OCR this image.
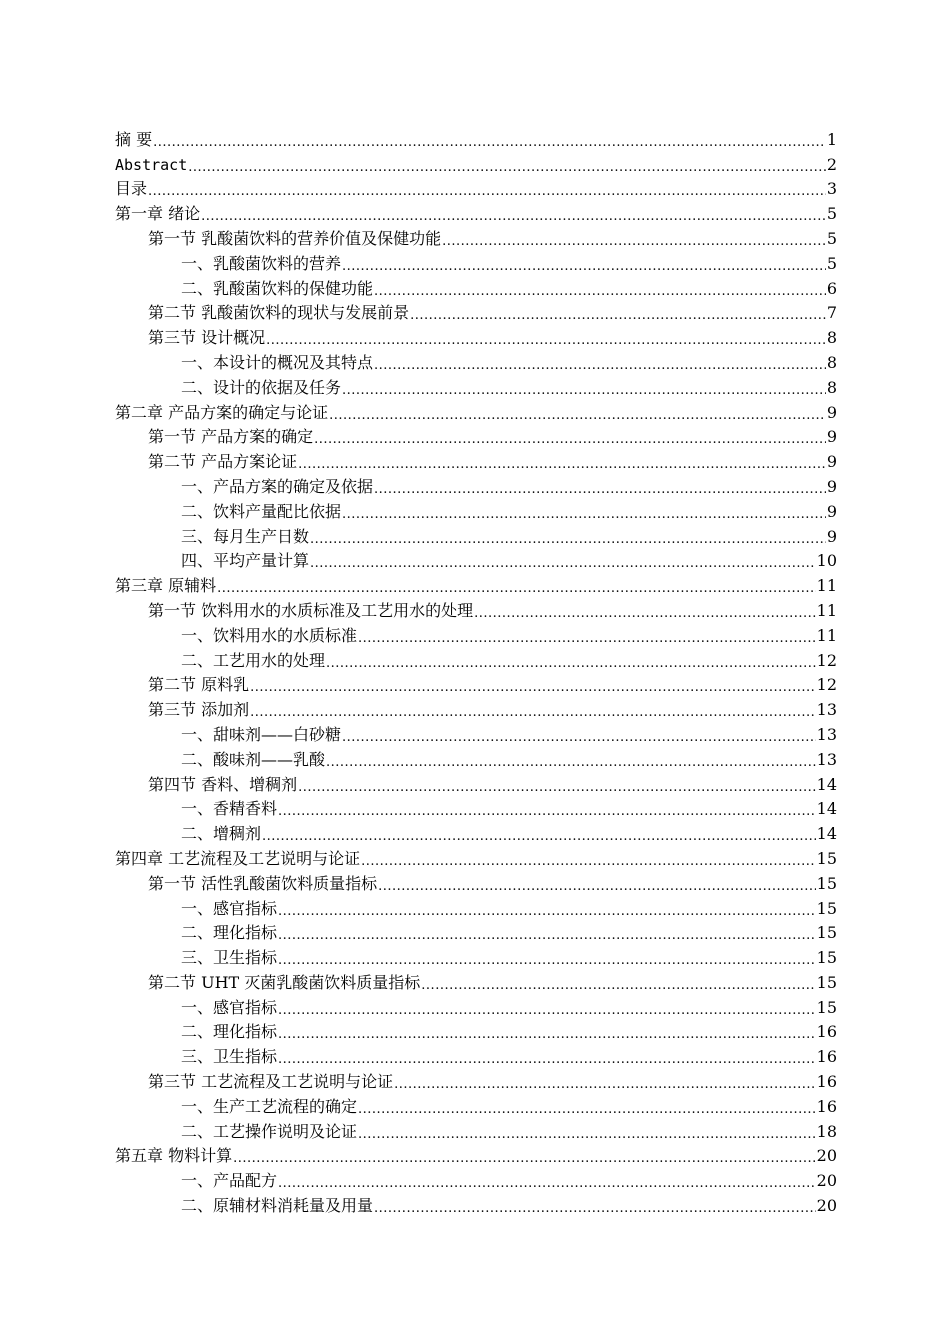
摘 要 .....	1
Abstract .....	2
目录 .....	3
第一章 绪论 .....	5
第一节 乳酸菌饮料的营养价值及保健功能 .....	5
一、乳酸菌饮料的营养 .....	5
二、乳酸菌饮料的保健功能 .....	6
第二节 乳酸菌饮料的现状与发展前景 .....	7
第三节 设计概况 .....	8
一、本设计的概况及其特点 .....	8
二、设计的依据及任务 .....	8
第二章 产品方案的确定与论证 .....	9
第一节 产品方案的确定 .....	9
第二节 产品方案论证 .....	9
一、产品方案的确定及依据 .....	9
二、饮料产量配比依据 .....	9
三、每月生产日数 .....	9
四、平均产量计算 .....	10
第三章 原辅料 .....	11
第一节 饮料用水的水质标准及工艺用水的处理 .....	11
一、饮料用水的水质标准 .....	11
二、工艺用水的处理 .....	12
第二节 原料乳 .....	12
第三节 添加剂 .....	13
一、甜味剂——白砂糖 .....	13
二、酸味剂——乳酸 .....	13
第四节 香料、增稠剂 .....	14
一、香精香料 .....	14
二、增稠剂 .....	14
第四章 工艺流程及工艺说明与论证 .....	15
第一节 活性乳酸菌饮料质量指标 .....	15
一、感官指标 .....	15
二、理化指标 .....	15
三、卫生指标 .....	15
第二节 UHT 灭菌乳酸菌饮料质量指标 .....	15
一、感官指标 .....	15
二、理化指标 .....	16
三、卫生指标 .....	16
第三节 工艺流程及工艺说明与论证 .....	16
一、生产工艺流程的确定 .....	16
二、工艺操作说明及论证 .....	18
第五章 物料计算 .....	20
一、产品配方 .....	20
二、原辅材料消耗量及用量 .....	20
